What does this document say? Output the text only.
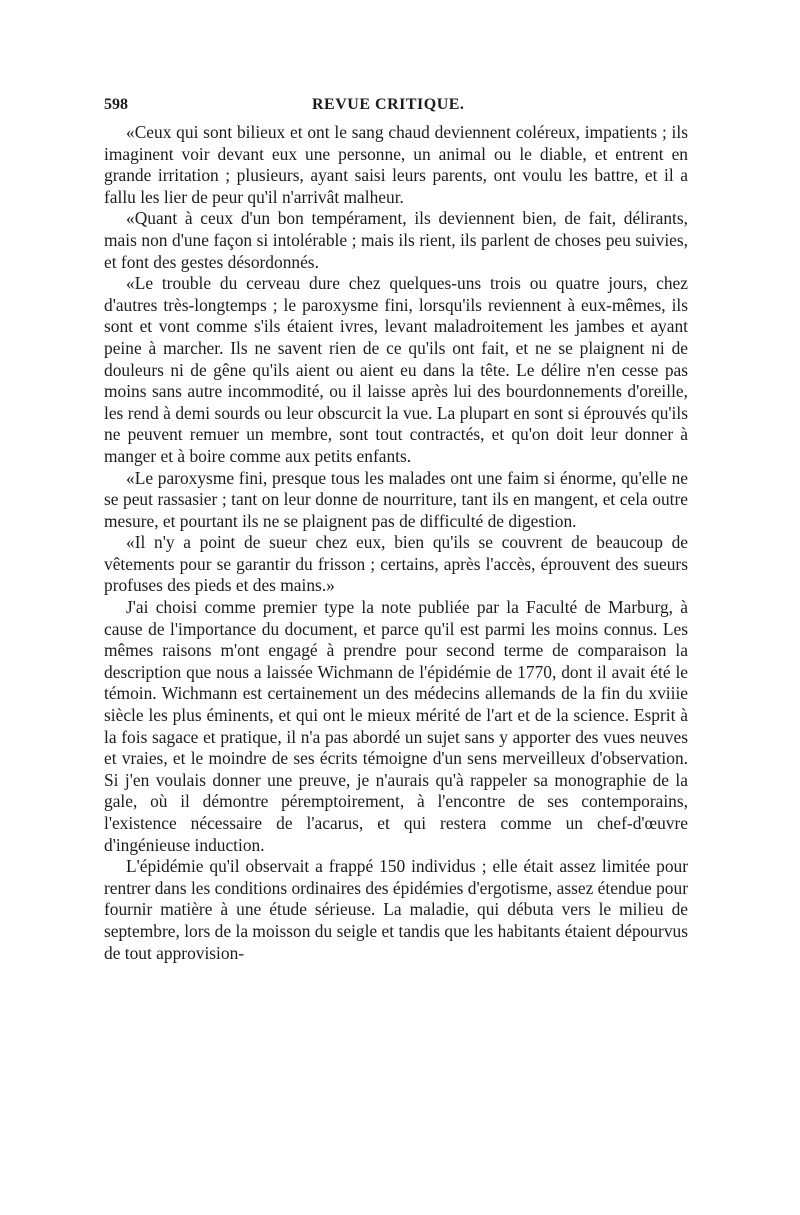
598	REVUE CRITIQUE.

«Ceux qui sont bilieux et ont le sang chaud deviennent coléreux, impatients ; ils imaginent voir devant eux une personne, un animal ou le diable, et entrent en grande irritation ; plusieurs, ayant saisi leurs parents, ont voulu les battre, et il a fallu les lier de peur qu'il n'arrivât malheur.

«Quant à ceux d'un bon tempérament, ils deviennent bien, de fait, délirants, mais non d'une façon si intolérable ; mais ils rient, ils parlent de choses peu suivies, et font des gestes désordonnés.

«Le trouble du cerveau dure chez quelques-uns trois ou quatre jours, chez d'autres très-longtemps ; le paroxysme fini, lorsqu'ils reviennent à eux-mêmes, ils sont et vont comme s'ils étaient ivres, levant maladroitement les jambes et ayant peine à marcher. Ils ne savent rien de ce qu'ils ont fait, et ne se plaignent ni de douleurs ni de gêne qu'ils aient ou aient eu dans la tête. Le délire n'en cesse pas moins sans autre incommodité, ou il laisse après lui des bourdonnements d'oreille, les rend à demi sourds ou leur obscurcit la vue. La plupart en sont si éprouvés qu'ils ne peuvent remuer un membre, sont tout contractés, et qu'on doit leur donner à manger et à boire comme aux petits enfants.

«Le paroxysme fini, presque tous les malades ont une faim si énorme, qu'elle ne se peut rassasier ; tant on leur donne de nourriture, tant ils en mangent, et cela outre mesure, et pourtant ils ne se plaignent pas de difficulté de digestion.

«Il n'y a point de sueur chez eux, bien qu'ils se couvrent de beaucoup de vêtements pour se garantir du frisson ; certains, après l'accès, éprouvent des sueurs profuses des pieds et des mains.»

J'ai choisi comme premier type la note publiée par la Faculté de Marburg, à cause de l'importance du document, et parce qu'il est parmi les moins connus. Les mêmes raisons m'ont engagé à prendre pour second terme de comparaison la description que nous a laissée Wichmann de l'épidémie de 1770, dont il avait été le témoin. Wichmann est certainement un des médecins allemands de la fin du xviiie siècle les plus éminents, et qui ont le mieux mérité de l'art et de la science. Esprit à la fois sagace et pratique, il n'a pas abordé un sujet sans y apporter des vues neuves et vraies, et le moindre de ses écrits témoigne d'un sens merveilleux d'observation. Si j'en voulais donner une preuve, je n'aurais qu'à rappeler sa monographie de la gale, où il démontre péremptoirement, à l'encontre de ses contemporains, l'existence nécessaire de l'acarus, et qui restera comme un chef-d'œuvre d'ingénieuse induction.

L'épidémie qu'il observait a frappé 150 individus ; elle était assez limitée pour rentrer dans les conditions ordinaires des épidémies d'ergotisme, assez étendue pour fournir matière à une étude sérieuse. La maladie, qui débuta vers le milieu de septembre, lors de la moisson du seigle et tandis que les habitants étaient dépourvus de tout approvision-
